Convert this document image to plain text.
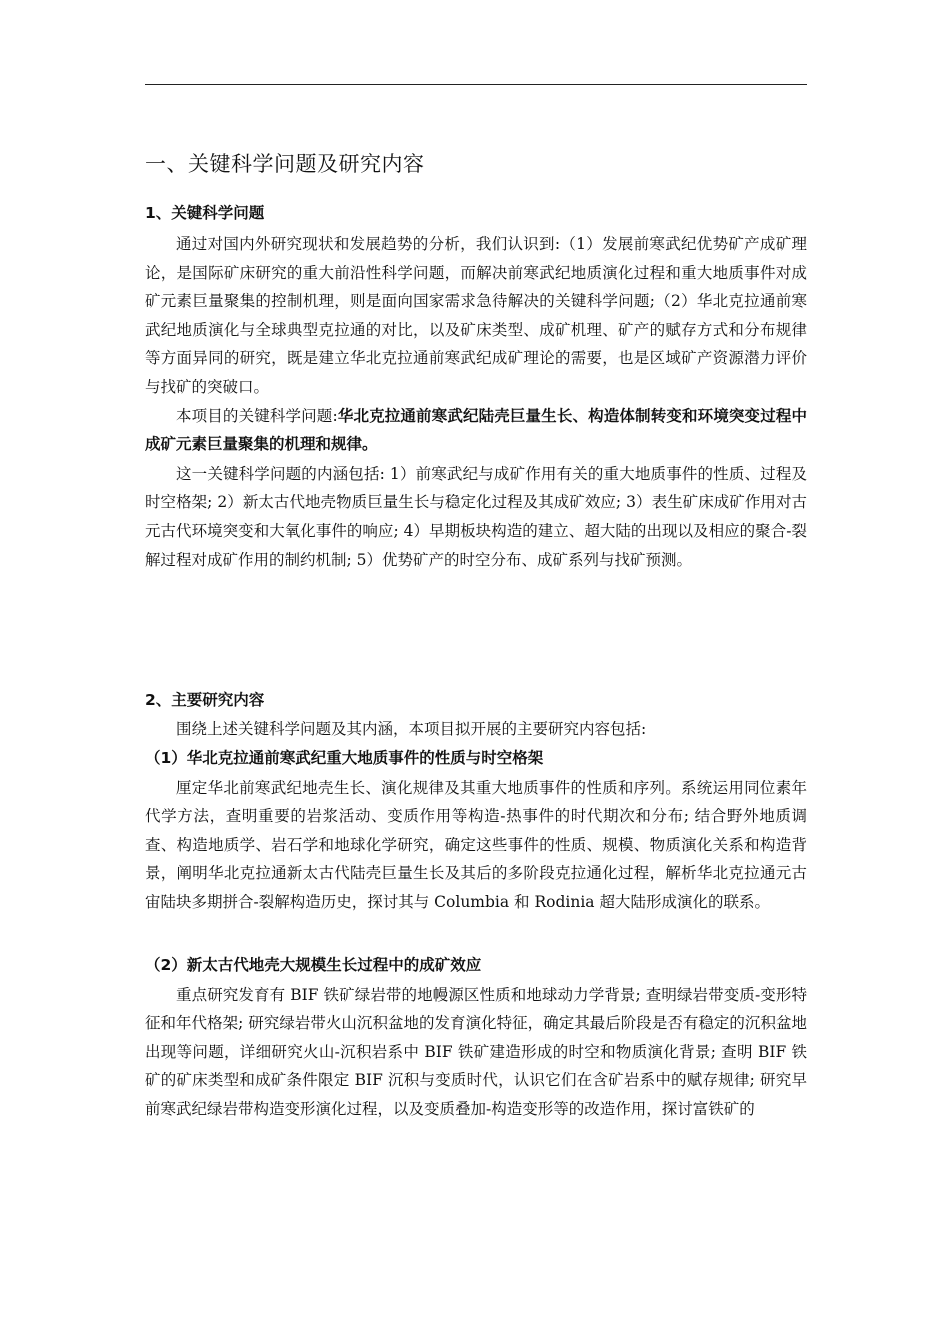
一、关键科学问题及研究内容
1、关键科学问题

通过对国内外研究现状和发展趋势的分析，我们认识到:（1）发展前寒武纪优势矿产成矿理论，是国际矿床研究的重大前沿性科学问题，而解决前寒武纪地质演化过程和重大地质事件对成矿元素巨量聚集的控制机理，则是面向国家需求急待解决的关键科学问题;（2）华北克拉通前寒武纪地质演化与全球典型克拉通的对比，以及矿床类型、成矿机理、矿产的赋存方式和分布规律等方面异同的研究，既是建立华北克拉通前寒武纪成矿理论的需要，也是区域矿产资源潜力评价与找矿的突破口。

本项目的关键科学问题:华北克拉通前寒武纪陆壳巨量生长、构造体制转变和环境突变过程中成矿元素巨量聚集的机理和规律。

这一关键科学问题的内涵包括: 1）前寒武纪与成矿作用有关的重大地质事件的性质、过程及时空格架; 2）新太古代地壳物质巨量生长与稳定化过程及其成矿效应; 3）表生矿床成矿作用对古元古代环境突变和大氧化事件的响应; 4）早期板块构造的建立、超大陆的出现以及相应的聚合-裂解过程对成矿作用的制约机制; 5）优势矿产的时空分布、成矿系列与找矿预测。

2、主要研究内容

围绕上述关键科学问题及其内涵，本项目拟开展的主要研究内容包括:

（1）华北克拉通前寒武纪重大地质事件的性质与时空格架

厘定华北前寒武纪地壳生长、演化规律及其重大地质事件的性质和序列。系统运用同位素年代学方法，查明重要的岩浆活动、变质作用等构造-热事件的时代期次和分布; 结合野外地质调查、构造地质学、岩石学和地球化学研究，确定这些事件的性质、规模、物质演化关系和构造背景，阐明华北克拉通新太古代陆壳巨量生长及其后的多阶段克拉通化过程，解析华北克拉通元古宙陆块多期拼合-裂解构造历史，探讨其与 Columbia 和 Rodinia 超大陆形成演化的联系。

（2）新太古代地壳大规模生长过程中的成矿效应

重点研究发育有 BIF 铁矿绿岩带的地幔源区性质和地球动力学背景; 查明绿岩带变质-变形特征和年代格架; 研究绿岩带火山沉积盆地的发育演化特征，确定其最后阶段是否有稳定的沉积盆地出现等问题，详细研究火山-沉积岩系中 BIF 铁矿建造形成的时空和物质演化背景; 查明 BIF 铁矿的矿床类型和成矿条件限定 BIF 沉积与变质时代，认识它们在含矿岩系中的赋存规律; 研究早前寒武纪绿岩带构造变形演化过程，以及变质叠加-构造变形等的改造作用，探讨富铁矿的
